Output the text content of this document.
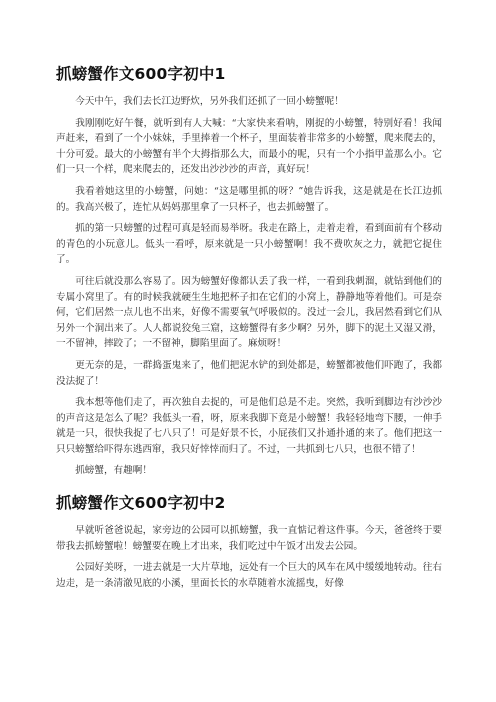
抓螃蟹作文600字初中1

今天中午，我们去长江边野炊，另外我们还抓了一回小螃蟹呢！

我刚刚吃好午餐，就听到有人大喊：“大家快来看呐，刚捉的小螃蟹，特别好看！我闻声赶来，看到了一个小妹妹，手里捧着一个杯子，里面装着非常多的小螃蟹，爬来爬去的，十分可爱。最大的小螃蟹有半个大拇指那么大，而最小的呢，只有一个小指甲盖那么小。它们一只一个样，爬来爬去的，还发出沙沙沙的声音，真好玩！

我看着她这里的小螃蟹，问她：“这是哪里抓的呀？”她告诉我，这是就是在长江边抓的。我高兴极了，连忙从妈妈那里拿了一只杯子，也去抓螃蟹了。

抓的第一只螃蟹的过程可真是轻而易举呀。我走在路上，走着走着，看到面前有个移动的青色的小玩意儿。低头一看呼，原来就是一只小螃蟹啊！我不费吹灰之力，就把它捉住了。

可往后就没那么容易了。因为螃蟹好像都认丢了我一样，一看到我刺溜，就钻到他们的专属小窝里了。有的时候我就硬生生地把杯子扣在它们的小窝上，静静地等着他们。可是奈何，它们居然一点儿也不出来，好像不需要氧气呼吸似的。没过一会儿，我居然看到它们从另外一个洞出来了。人人都说狡兔三窟，这螃蟹得有多少啊？另外，脚下的泥土又湿又滑，一不留神，摔跤了；一不留神，脚陷里面了。麻烦呀！

更无奈的是，一群捣蛋鬼来了，他们把泥水铲的到处都是，螃蟹都被他们吓跑了，我都没法捉了！

我本想等他们走了，再次独自去捉的，可是他们总是不走。突然，我听到脚边有沙沙沙的声音这是怎么了呢？我低头一看，呀，原来我脚下竟是小螃蟹！我轻轻地弯下腰，一伸手就是一只，很快我捉了七八只了！可是好景不长，小屁孩们又扑通扑通的来了。他们把这一只只螃蟹给吓得东逃西窜，我只好悻悻而归了。不过，一共抓到七八只，也很不错了！

抓螃蟹，有趣啊！

抓螃蟹作文600字初中2

早就听爸爸说起，家旁边的公园可以抓螃蟹，我一直惦记着这件事。今天，爸爸终于要带我去抓螃蟹啦！螃蟹要在晚上才出来，我们吃过中午饭才出发去公园。

公园好美呀，一进去就是一大片草地，远处有一个巨大的风车在风中缓缓地转动。往右边走，是一条清澈见底的小溪，里面长长的水草随着水流摇曳，好像
